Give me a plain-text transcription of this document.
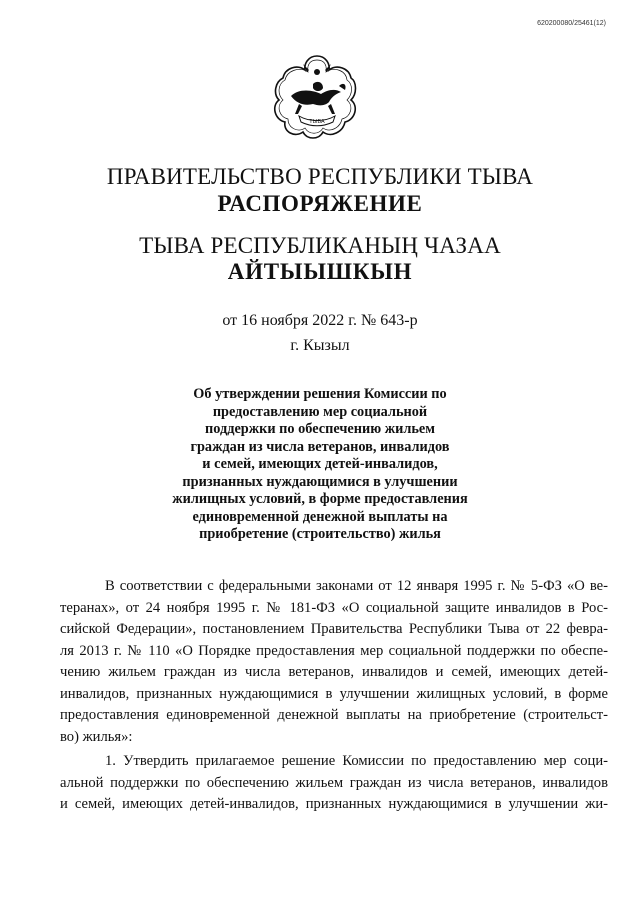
620200080/25461(12)
ТЫВА
ПРАВИТЕЛЬСТВО РЕСПУБЛИКИ ТЫВА
РАСПОРЯЖЕНИЕ
ТЫВА РЕСПУБЛИКАНЫҢ ЧАЗАА
АЙТЫЫШКЫН
от 16 ноября 2022 г. № 643-р
г. Кызыл
Об утверждении решения Комиссии по
предоставлению мер социальной
поддержки по обеспечению жильем
граждан из числа ветеранов, инвалидов
и семей, имеющих детей-инвалидов,
признанных нуждающимися в улучшении
жилищных условий, в форме предоставления
единовременной денежной выплаты на
приобретение (строительство) жилья
В соответствии с федеральными законами от 12 января 1995 г. № 5-ФЗ «О ве-
теранах», от 24 ноября 1995 г. № 181-ФЗ «О социальной защите инвалидов в Рос-
сийской Федерации», постановлением Правительства Республики Тыва от 22 февра-
ля 2013 г. № 110 «О Порядке предоставления мер социальной поддержки по обеспе-
чению жильем граждан из числа ветеранов, инвалидов и семей, имеющих детей-
инвалидов, признанных нуждающимися в улучшении жилищных условий, в форме
предоставления единовременной денежной выплаты на приобретение (строительст-
во) жилья»:
1. Утвердить прилагаемое решение Комиссии по предоставлению мер соци-
альной поддержки по обеспечению жильем граждан из числа ветеранов, инвалидов
и семей, имеющих детей-инвалидов, признанных нуждающимися в улучшении жи-
